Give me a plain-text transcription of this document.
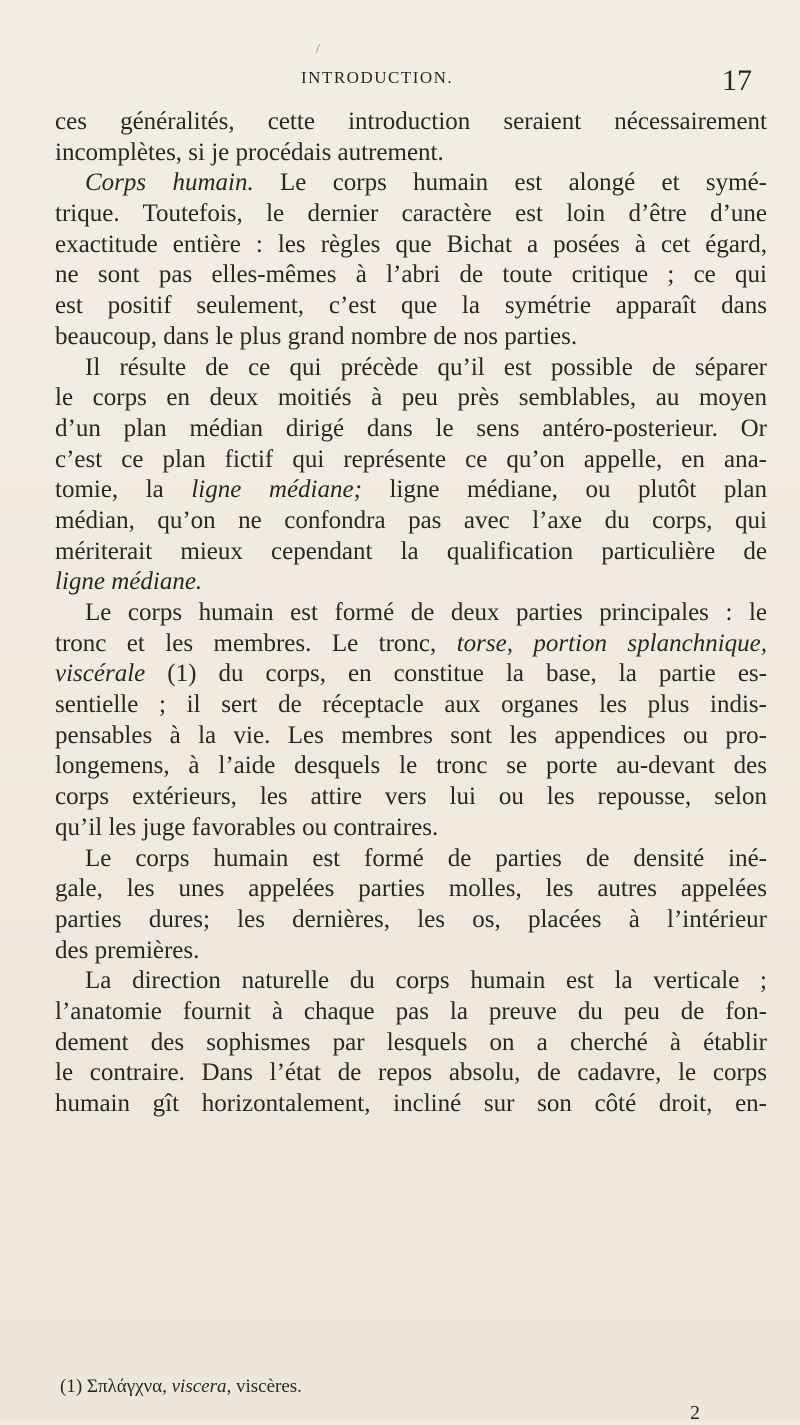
/
INTRODUCTION.	17
ces généralités, cette introduction seraient nécessairement
incomplètes, si je procédais autrement.
Corps humain. Le corps humain est alongé et symé-
trique. Toutefois, le dernier caractère est loin d’être d’une
exactitude entière : les règles que Bichat a posées à cet égard,
ne sont pas elles-mêmes à l’abri de toute critique ; ce qui
est positif seulement, c’est que la symétrie apparaît dans
beaucoup, dans le plus grand nombre de nos parties.
Il résulte de ce qui précède qu’il est possible de séparer
le corps en deux moitiés à peu près semblables, au moyen
d’un plan médian dirigé dans le sens antéro-posterieur. Or
c’est ce plan fictif qui représente ce qu’on appelle, en ana-
tomie, la ligne médiane; ligne médiane, ou plutôt plan
médian, qu’on ne confondra pas avec l’axe du corps, qui
mériterait mieux cependant la qualification particulière de
ligne médiane.
Le corps humain est formé de deux parties principales : le
tronc et les membres. Le tronc, torse, portion splanchnique,
viscérale (1) du corps, en constitue la base, la partie es-
sentielle ; il sert de réceptacle aux organes les plus indis-
pensables à la vie. Les membres sont les appendices ou pro-
longemens, à l’aide desquels le tronc se porte au-devant des
corps extérieurs, les attire vers lui ou les repousse, selon
qu’il les juge favorables ou contraires.
Le corps humain est formé de parties de densité iné-
gale, les unes appelées parties molles, les autres appelées
parties dures; les dernières, les os, placées à l’intérieur
des premières.
La direction naturelle du corps humain est la verticale ;
l’anatomie fournit à chaque pas la preuve du peu de fon-
dement des sophismes par lesquels on a cherché à établir
le contraire. Dans l’état de repos absolu, de cadavre, le corps
humain gît horizontalement, incliné sur son côté droit, en-
(1) Σπλάγχνα, viscera, viscères.
2
